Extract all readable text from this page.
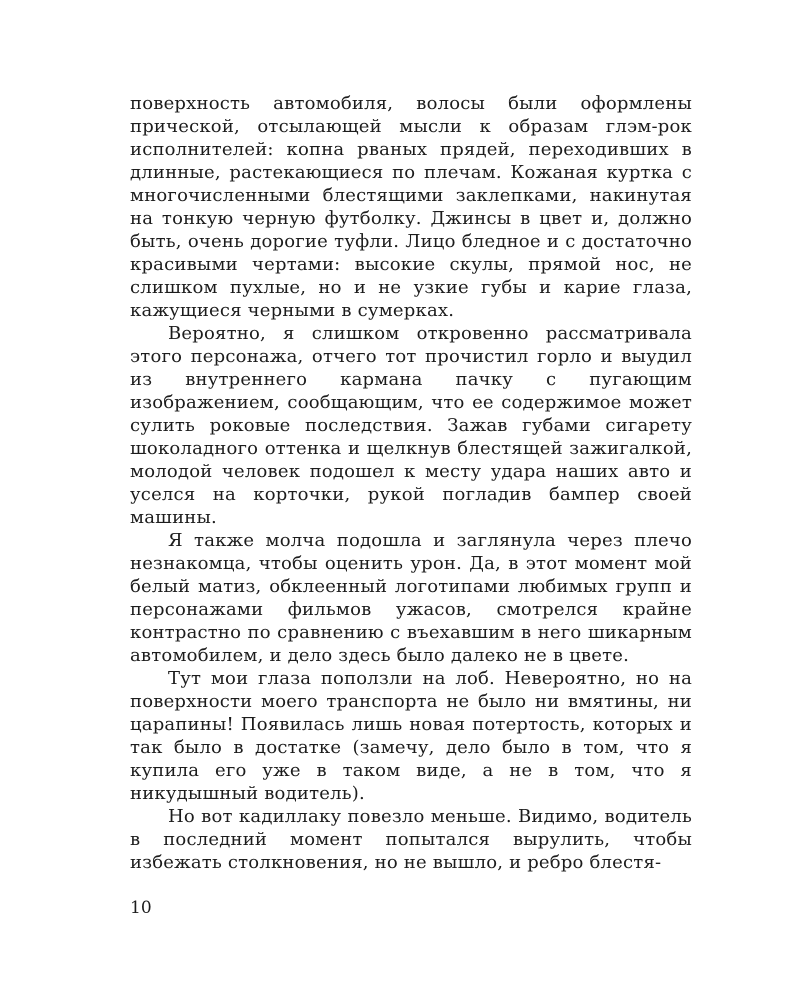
поверхность автомобиля, волосы были оформлены прической, отсылающей мысли к образам глэм-рок исполнителей: копна рваных прядей, переходивших в длинные, растекающиеся по плечам. Кожаная куртка с многочисленными блестящими заклепками, накинутая на тонкую черную футболку. Джинсы в цвет и, должно быть, очень дорогие туфли. Лицо бледное и с достаточно красивыми чертами: высокие скулы, прямой нос, не слишком пухлые, но и не узкие губы и карие глаза, кажущиеся черными в сумерках.

Вероятно, я слишком откровенно рассматривала этого персонажа, отчего тот прочистил горло и выудил из внутреннего кармана пачку с пугающим изображением, сообщающим, что ее содержимое может сулить роковые последствия. Зажав губами сигарету шоколадного оттенка и щелкнув блестящей зажигалкой, молодой человек подошел к месту удара наших авто и уселся на корточки, рукой погладив бампер своей машины.

Я также молча подошла и заглянула через плечо незнакомца, чтобы оценить урон. Да, в этот момент мой белый матиз, обклеенный логотипами любимых групп и персонажами фильмов ужасов, смотрелся крайне контрастно по сравнению с въехавшим в него шикарным автомобилем, и дело здесь было далеко не в цвете.

Тут мои глаза поползли на лоб. Невероятно, но на поверхности моего транспорта не было ни вмятины, ни царапины! Появилась лишь новая потертость, которых и так было в достатке (замечу, дело было в том, что я купила его уже в таком виде, а не в том, что я никудышный водитель).

Но вот кадиллаку повезло меньше. Видимо, водитель в последний момент попытался вырулить, чтобы избежать столкновения, но не вышло, и ребро блестя-

10
